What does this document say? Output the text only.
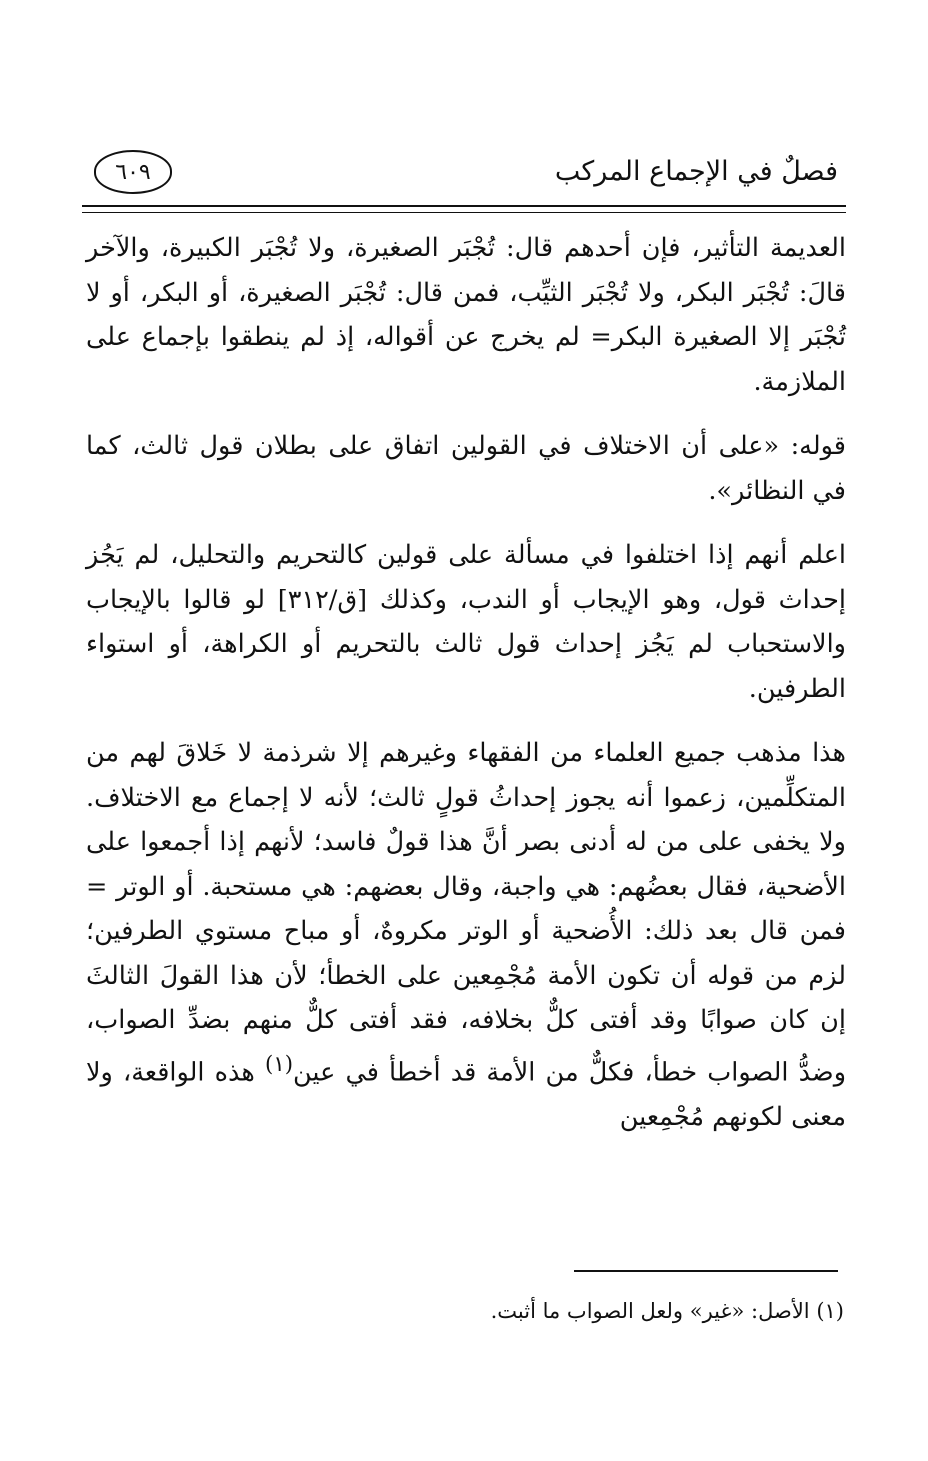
فصلٌ في الإجماع المركب
٦٠٩

العديمة التأثير، فإن أحدهم قال: تُجْبَر الصغيرة، ولا تُجْبَر الكبيرة، والآخر قالَ: تُجْبَر البكر، ولا تُجْبَر الثيِّب، فمن قال: تُجْبَر الصغيرة، أو البكر، أو لا تُجْبَر إلا الصغيرة البكر= لم يخرج عن أقواله، إذ لم ينطقوا بإجماع على الملازمة.

قوله: «على أن الاختلاف في القولين اتفاق على بطلان قول ثالث، كما في النظائر».

اعلم أنهم إذا اختلفوا في مسألة على قولين كالتحريم والتحليل، لم يَجُز إحداث قول، وهو الإيجاب أو الندب، وكذلك [ق/٣١٢] لو قالوا بالإيجاب والاستحباب لم يَجُز إحداث قول ثالث بالتحريم أو الكراهة، أو استواء الطرفين.

هذا مذهب جميع العلماء من الفقهاء وغيرهم إلا شرذمة لا خَلاقَ لهم من المتكلِّمين، زعموا أنه يجوز إحداثُ قولٍ ثالث؛ لأنه لا إجماع مع الاختلاف. ولا يخفى على من له أدنى بصر أنَّ هذا قولٌ فاسد؛ لأنهم إذا أجمعوا على الأضحية، فقال بعضُهم: هي واجبة، وقال بعضهم: هي مستحبة. أو الوتر = فمن قال بعد ذلك: الأُضحية أو الوتر مكروهٌ، أو مباح مستوي الطرفين؛ لزم من قوله أن تكون الأمة مُجْمِعين على الخطأ؛ لأن هذا القولَ الثالثَ إن كان صوابًا وقد أفتى كلٌّ بخلافه، فقد أفتى كلٌّ منهم بضدِّ الصواب، وضدُّ الصواب خطأ، فكلٌّ من الأمة قد أخطأ في عين$^{(١)}$ هذه الواقعة، ولا معنى لكونهم مُجْمِعين

(١) الأصل: «غير» ولعل الصواب ما أثبت.
